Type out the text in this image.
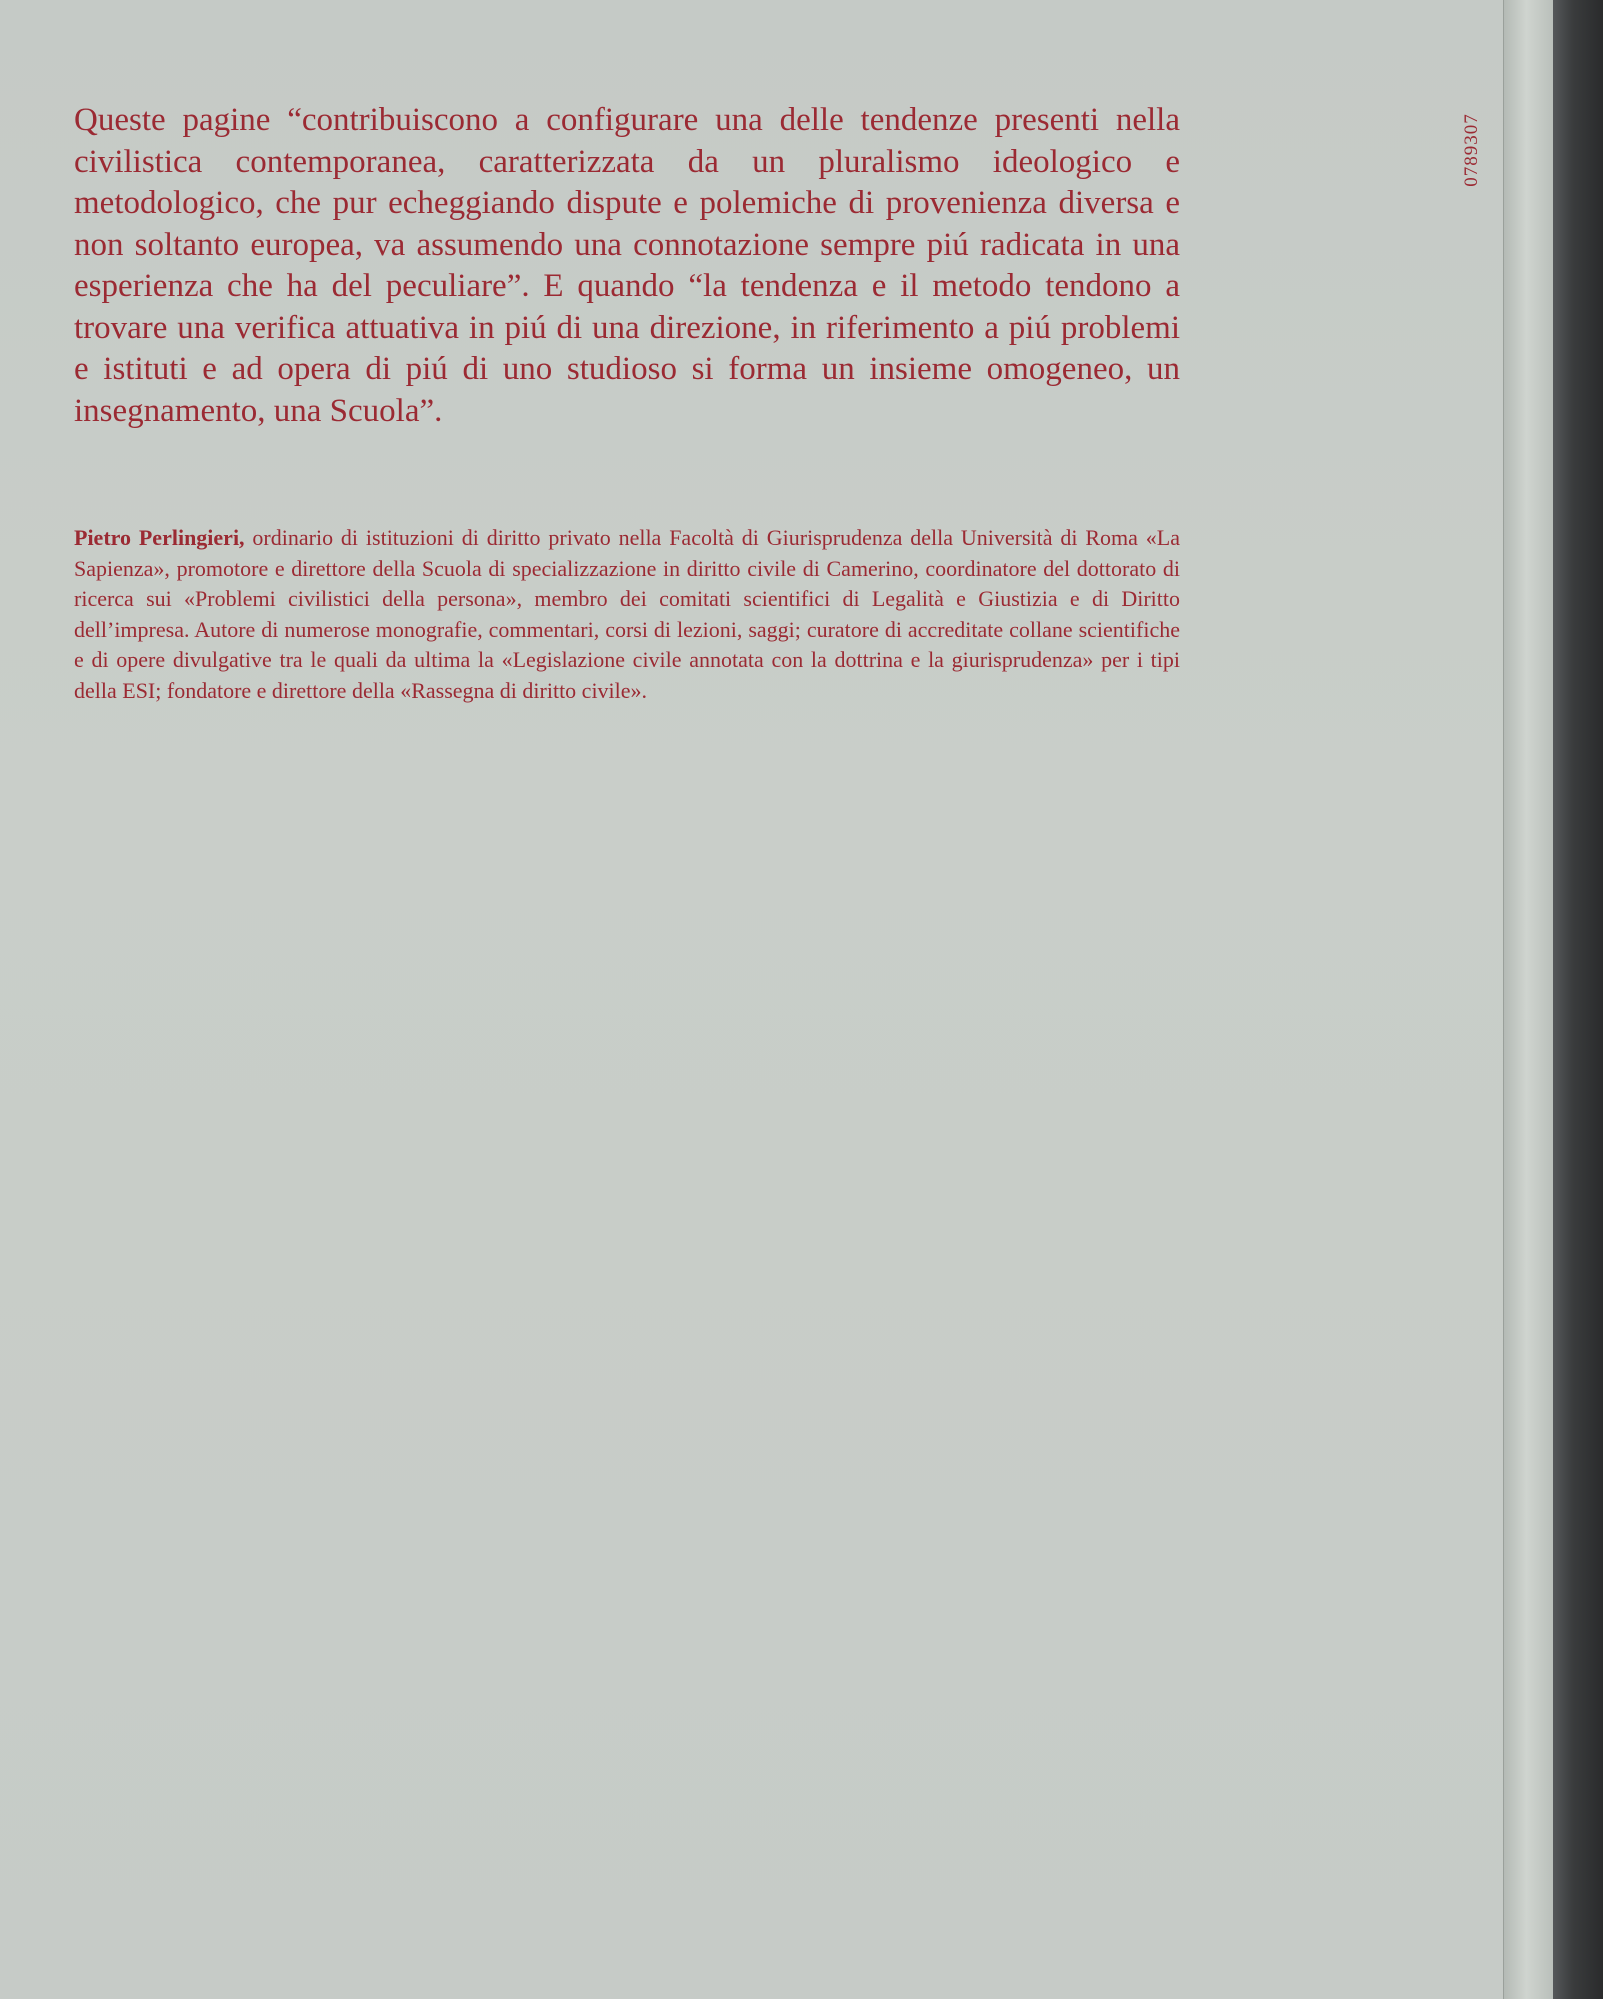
Queste pagine “contribuiscono a configurare una delle tendenze presenti nella civilistica contemporanea, caratterizzata da un pluralismo ideologico e metodologico, che pur echeggiando dispute e polemiche di provenienza diversa e non soltanto europea, va assumendo una connotazione sempre piú radicata in una esperienza che ha del peculiare”. E quando “la tendenza e il metodo tendono a trovare una verifica attuativa in piú di una direzione, in riferimento a piú problemi e istituti e ad opera di piú di uno studioso si forma un insieme omogeneo, un insegnamento, una Scuola”.

Pietro Perlingieri, ordinario di istituzioni di diritto privato nella Facoltà di Giurisprudenza della Università di Roma «La Sapienza», promotore e direttore della Scuola di specializzazione in diritto civile di Camerino, coordinatore del dottorato di ricerca sui «Problemi civilistici della persona», membro dei comitati scientifici di Legalità e Giustizia e di Diritto dell’impresa. Autore di numerose monografie, commentari, corsi di lezioni, saggi; curatore di accreditate collane scientifiche e di opere divulgative tra le quali da ultima la «Legislazione civile annotata con la dottrina e la giurisprudenza» per i tipi della ESI; fondatore e direttore della «Rassegna di diritto civile».

0789307
